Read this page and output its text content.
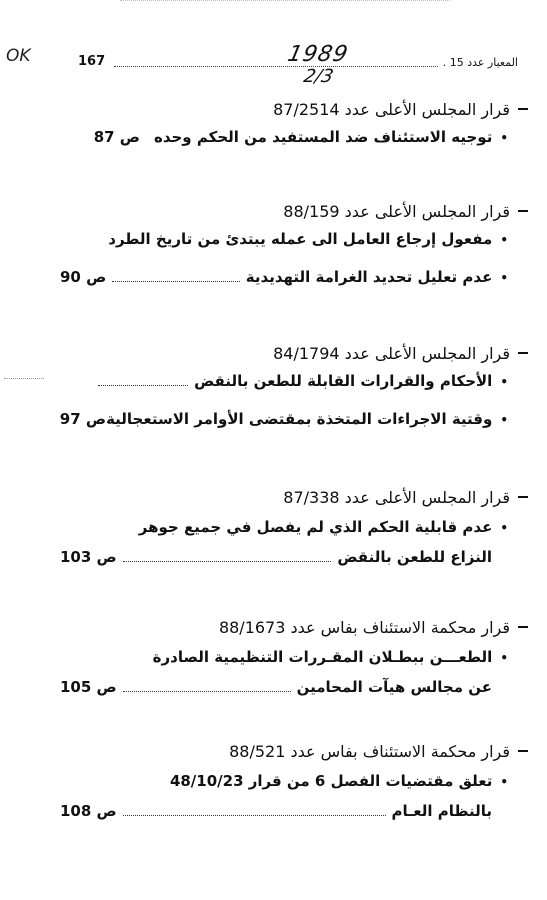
OK	167	1989
2/3
المعيار عدد 15 .
قرار المجلس الأعلى عدد 87/2514
•
توجيه الاستئناف ضد المستفيد من الحكم وحده
ص 87
قرار المجلس الأعلى عدد 88/159
•
مفعول إرجاع العامل الى عمله يبتدئ من تاريخ الطرد
•
عدم تعليل تحديد الغرامة التهديدية
ص 90
قرار المجلس الأعلى عدد 84/1794
•
الأحكام والقرارات القابلة للطعن بالنقض
•
وقتية الاجراءات المتخذة بمقتضى الأوامر الاستعجالية
ص 97
قرار المجلس الأعلى عدد 87/338
•
عدم قابلية الحكم الذي لم يفصل في جميع جوهر
النزاع للطعن بالنقض
ص 103
قرار محكمة الاستئناف بفاس عدد 88/1673
•
الطعـــن ببطـلان المقـررات التنظيمية الصادرة
عن مجالس هيآت المحامين
ص 105
قرار محكمة الاستئناف بفاس عدد 88/521
•
تعلق مقتضيات الفصل 6 من قرار 48/10/23
بالنظام العـام
ص 108
